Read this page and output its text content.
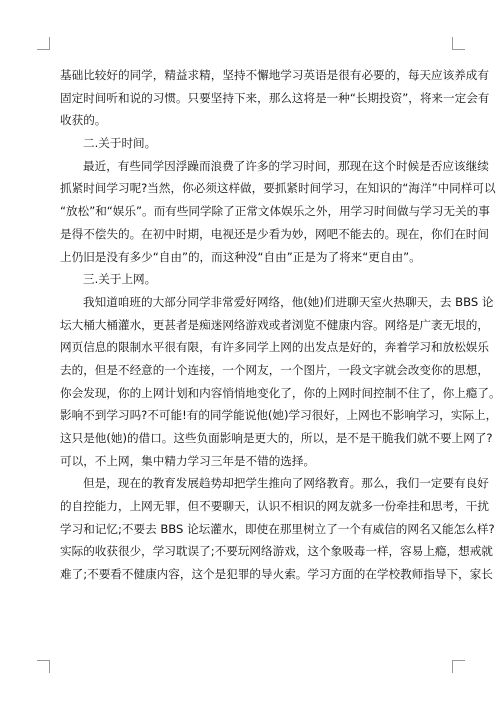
基础比较好的同学，精益求精，坚持不懈地学习英语是很有必要的，每天应该养成有
固定时间听和说的习惯。只要坚持下来，那么这将是一种“长期投资”，将来一定会有
收获的。
二.关于时间。
最近，有些同学因浮躁而浪费了许多的学习时间，那现在这个时候是否应该继续
抓紧时间学习呢?当然，你必须这样做，要抓紧时间学习，在知识的“海洋”中同样可以
“放松”和“娱乐”。而有些同学除了正常文体娱乐之外，用学习时间做与学习无关的事
是得不偿失的。在初中时期，电视还是少看为妙，网吧不能去的。现在，你们在时间
上仍旧是没有多少“自由”的，而这种没“自由”正是为了将来“更自由”。
三.关于上网。
我知道咱班的大部分同学非常爱好网络，他(她)们进聊天室火热聊天，去 BBS 论
坛大桶大桶灌水，更甚者是痴迷网络游戏或者浏览不健康内容。网络是广袤无垠的，
网页信息的限制水平很有限，有许多同学上网的出发点是好的，奔着学习和放松娱乐
去的，但是不经意的一个连接，一个网友，一个图片，一段文字就会改变你的思想，
你会发现，你的上网计划和内容悄悄地变化了，你的上网时间控制不住了，你上瘾了。
影响不到学习吗?不可能!有的同学能说他(她)学习很好，上网也不影响学习，实际上，
这只是他(她)的借口。这些负面影响是更大的，所以，是不是干脆我们就不要上网了?
可以，不上网，集中精力学习三年是不错的选择。
但是，现在的教育发展趋势却把学生推向了网络教育。那么，我们一定要有良好
的自控能力，上网无罪，但不要聊天，认识不相识的网友就多一份牵挂和思考，干扰
学习和记忆;不要去 BBS 论坛灌水，即使在那里树立了一个有威信的网名又能怎么样?
实际的收获很少，学习耽误了;不要玩网络游戏，这个象吸毒一样，容易上瘾，想戒就
难了;不要看不健康内容，这个是犯罪的导火索。学习方面的在学校教师指导下，家长
